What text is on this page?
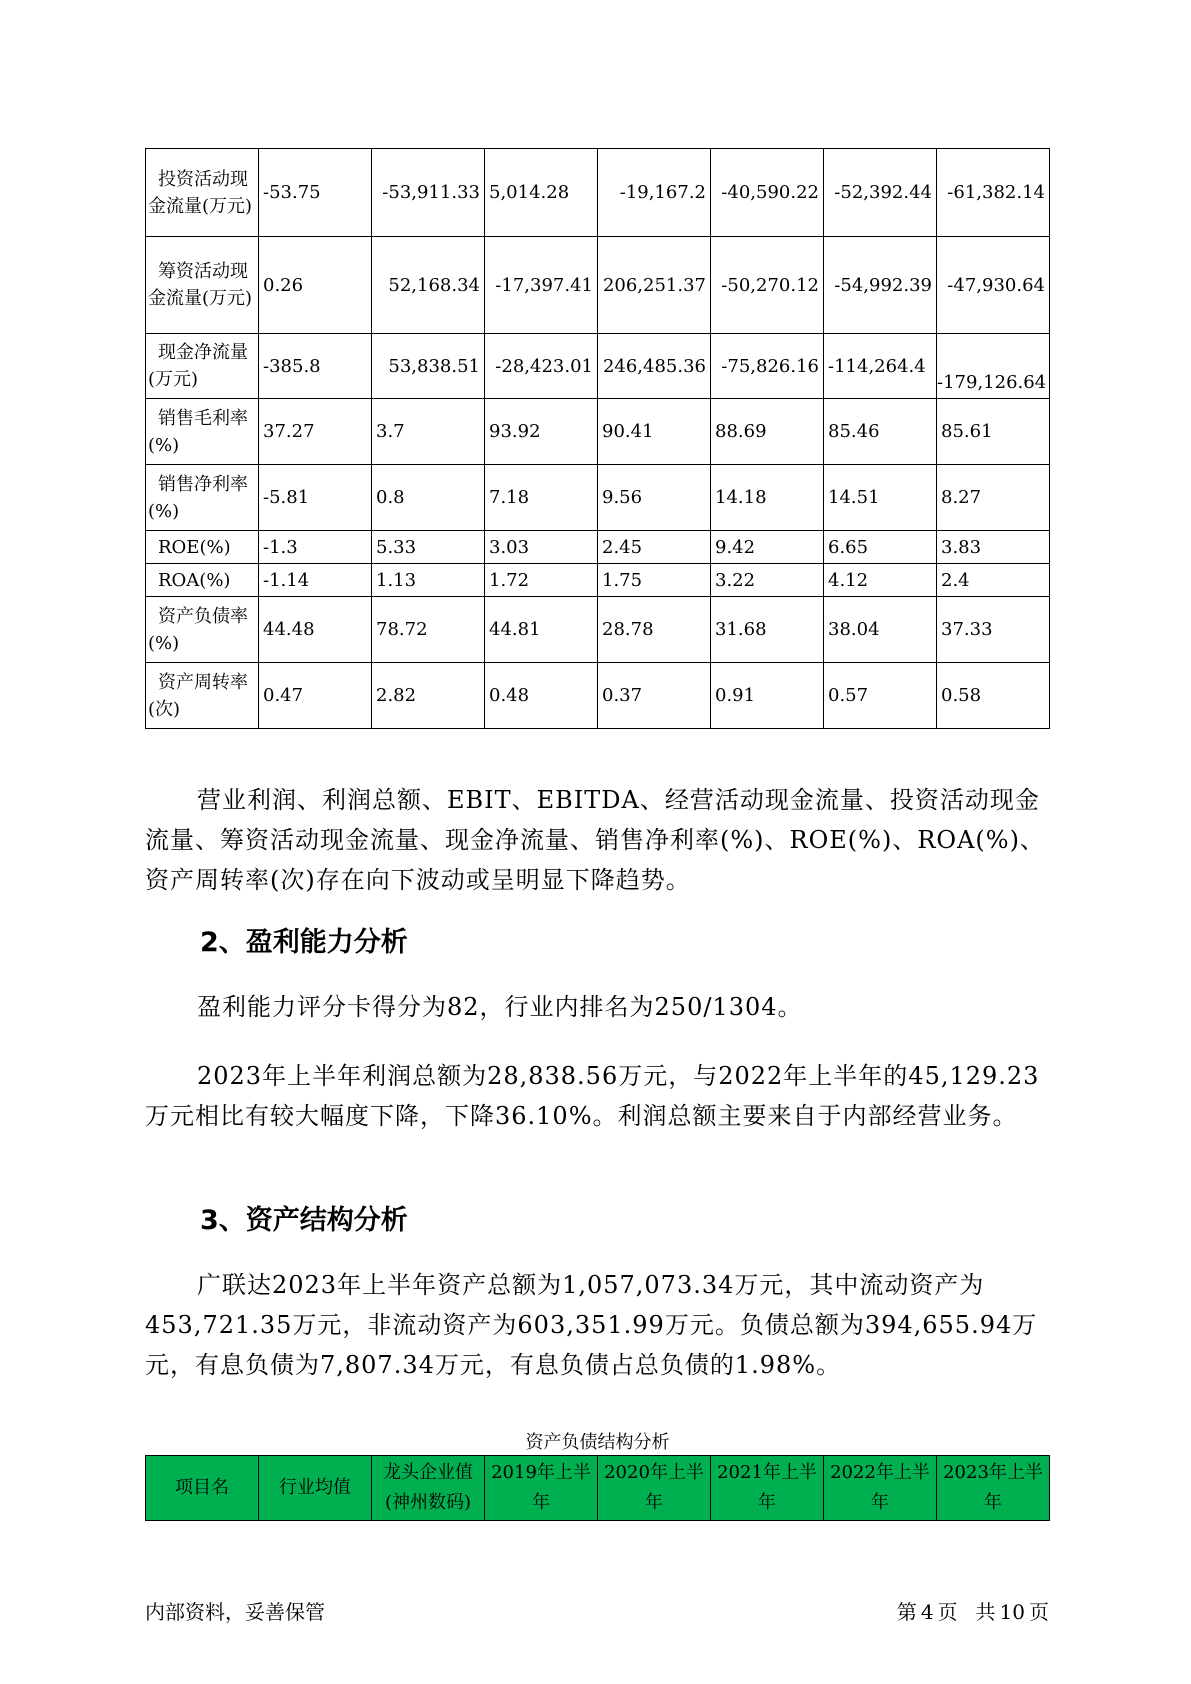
投资活动现金流量(万元)	-53.75	-53,911.33	5,014.28	-19,167.2	-40,590.22	-52,392.44	-61,382.14
筹资活动现金流量(万元)	0.26	52,168.34	-17,397.41	206,251.37	-50,270.12	-54,992.39	-47,930.64
现金净流量(万元)	-385.8	53,838.51	-28,423.01	246,485.36	-75,826.16	-114,264.4	-179,126.64
销售毛利率(%)	37.27	3.7	93.92	90.41	88.69	85.46	85.61
销售净利率(%)	-5.81	0.8	7.18	9.56	14.18	14.51	8.27
ROE(%)	-1.3	5.33	3.03	2.45	9.42	6.65	3.83
ROA(%)	-1.14	1.13	1.72	1.75	3.22	4.12	2.4
资产负债率(%)	44.48	78.72	44.81	28.78	31.68	38.04	37.33
资产周转率(次)	0.47	2.82	0.48	0.37	0.91	0.57	0.58

营业利润、利润总额、EBIT、EBITDA、经营活动现金流量、投资活动现金流量、筹资活动现金流量、现金净流量、销售净利率(%)、ROE(%)、ROA(%)、资产周转率(次)存在向下波动或呈明显下降趋势。

2、盈利能力分析

盈利能力评分卡得分为82，行业内排名为250/1304。

2023年上半年利润总额为28,838.56万元，与2022年上半年的45,129.23万元相比有较大幅度下降，下降36.10%。利润总额主要来自于内部经营业务。

3、资产结构分析

广联达2023年上半年资产总额为1,057,073.34万元，其中流动资产为453,721.35万元，非流动资产为603,351.99万元。负债总额为394,655.94万元，有息负债为7,807.34万元，有息负债占总负债的1.98%。

资产负债结构分析

项目名	行业均值	龙头企业值(神州数码)	2019年上半年	2020年上半年	2021年上半年	2022年上半年	2023年上半年

内部资料，妥善保管	第 4 页 共 10 页
